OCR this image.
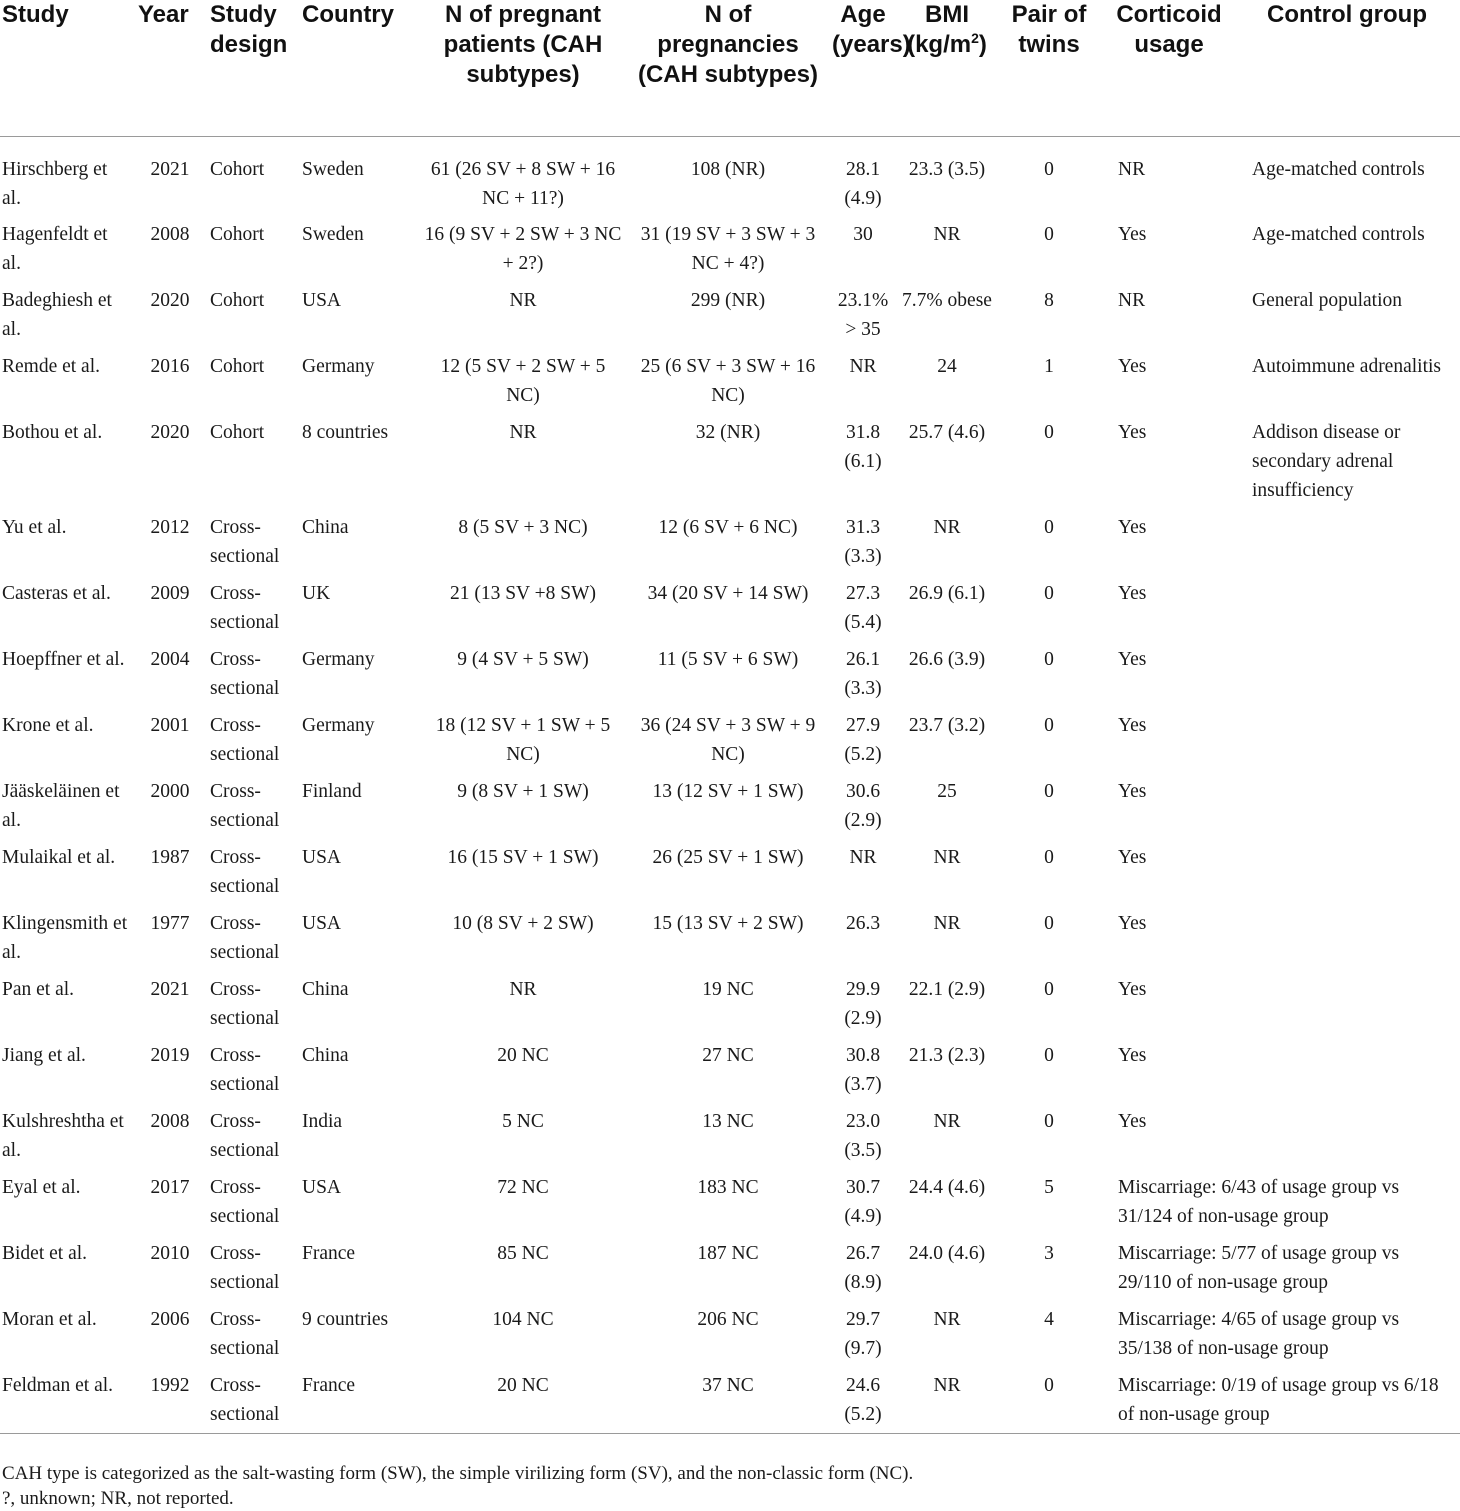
Study	Year	Study design	Country	N of pregnant patients (CAH subtypes)	N of pregnancies (CAH subtypes)	Age (years)	BMI $(kg/m^2)$	Pair of twins	Corticoid usage	Control group
Hirschberg et al.	2021	Cohort	Sweden	61 (26 SV + 8 SW + 16 NC + 11?)	108 (NR)	28.1 (4.9)	23.3 (3.5)	0	NR	Age-matched controls
Hagenfeldt et al.	2008	Cohort	Sweden	16 (9 SV + 2 SW + 3 NC + 2?)	31 (19 SV + 3 SW + 3 NC + 4?)	30	NR	0	Yes	Age-matched controls
Badeghiesh et al.	2020	Cohort	USA	NR	299 (NR)	23.1% > 35	7.7% obese	8	NR	General population
Remde et al.	2016	Cohort	Germany	12 (5 SV + 2 SW + 5 NC)	25 (6 SV + 3 SW + 16 NC)	NR	24	1	Yes	Autoimmune adrenalitis
Bothou et al.	2020	Cohort	8 countries	NR	32 (NR)	31.8 (6.1)	25.7 (4.6)	0	Yes	Addison disease or secondary adrenal insufficiency
Yu et al.	2012	Cross-sectional	China	8 (5 SV + 3 NC)	12 (6 SV + 6 NC)	31.3 (3.3)	NR	0	Yes	
Casteras et al.	2009	Cross-sectional	UK	21 (13 SV +8 SW)	34 (20 SV + 14 SW)	27.3 (5.4)	26.9 (6.1)	0	Yes	
Hoepffner et al.	2004	Cross-sectional	Germany	9 (4 SV + 5 SW)	11 (5 SV + 6 SW)	26.1 (3.3)	26.6 (3.9)	0	Yes	
Krone et al.	2001	Cross-sectional	Germany	18 (12 SV + 1 SW + 5 NC)	36 (24 SV + 3 SW + 9 NC)	27.9 (5.2)	23.7 (3.2)	0	Yes	
Jääskeläinen et al.	2000	Cross-sectional	Finland	9 (8 SV + 1 SW)	13 (12 SV + 1 SW)	30.6 (2.9)	25	0	Yes	
Mulaikal et al.	1987	Cross-sectional	USA	16 (15 SV + 1 SW)	26 (25 SV + 1 SW)	NR	NR	0	Yes	
Klingensmith et al.	1977	Cross-sectional	USA	10 (8 SV + 2 SW)	15 (13 SV + 2 SW)	26.3	NR	0	Yes	
Pan et al.	2021	Cross-sectional	China	NR	19 NC	29.9 (2.9)	22.1 (2.9)	0	Yes	
Jiang et al.	2019	Cross-sectional	China	20 NC	27 NC	30.8 (3.7)	21.3 (2.3)	0	Yes	
Kulshreshtha et al.	2008	Cross-sectional	India	5 NC	13 NC	23.0 (3.5)	NR	0	Yes	
Eyal et al.	2017	Cross-sectional	USA	72 NC	183 NC	30.7 (4.9)	24.4 (4.6)	5	Miscarriage: 6/43 of usage group vs 31/124 of non-usage group	
Bidet et al.	2010	Cross-sectional	France	85 NC	187 NC	26.7 (8.9)	24.0 (4.6)	3	Miscarriage: 5/77 of usage group vs 29/110 of non-usage group	
Moran et al.	2006	Cross-sectional	9 countries	104 NC	206 NC	29.7 (9.7)	NR	4	Miscarriage: 4/65 of usage group vs 35/138 of non-usage group	
Feldman et al.	1992	Cross-sectional	France	20 NC	37 NC	24.6 (5.2)	NR	0	Miscarriage: 0/19 of usage group vs 6/18 of non-usage group	
CAH type is categorized as the salt-wasting form (SW), the simple virilizing form (SV), and the non-classic form (NC).
?, unknown; NR, not reported.
